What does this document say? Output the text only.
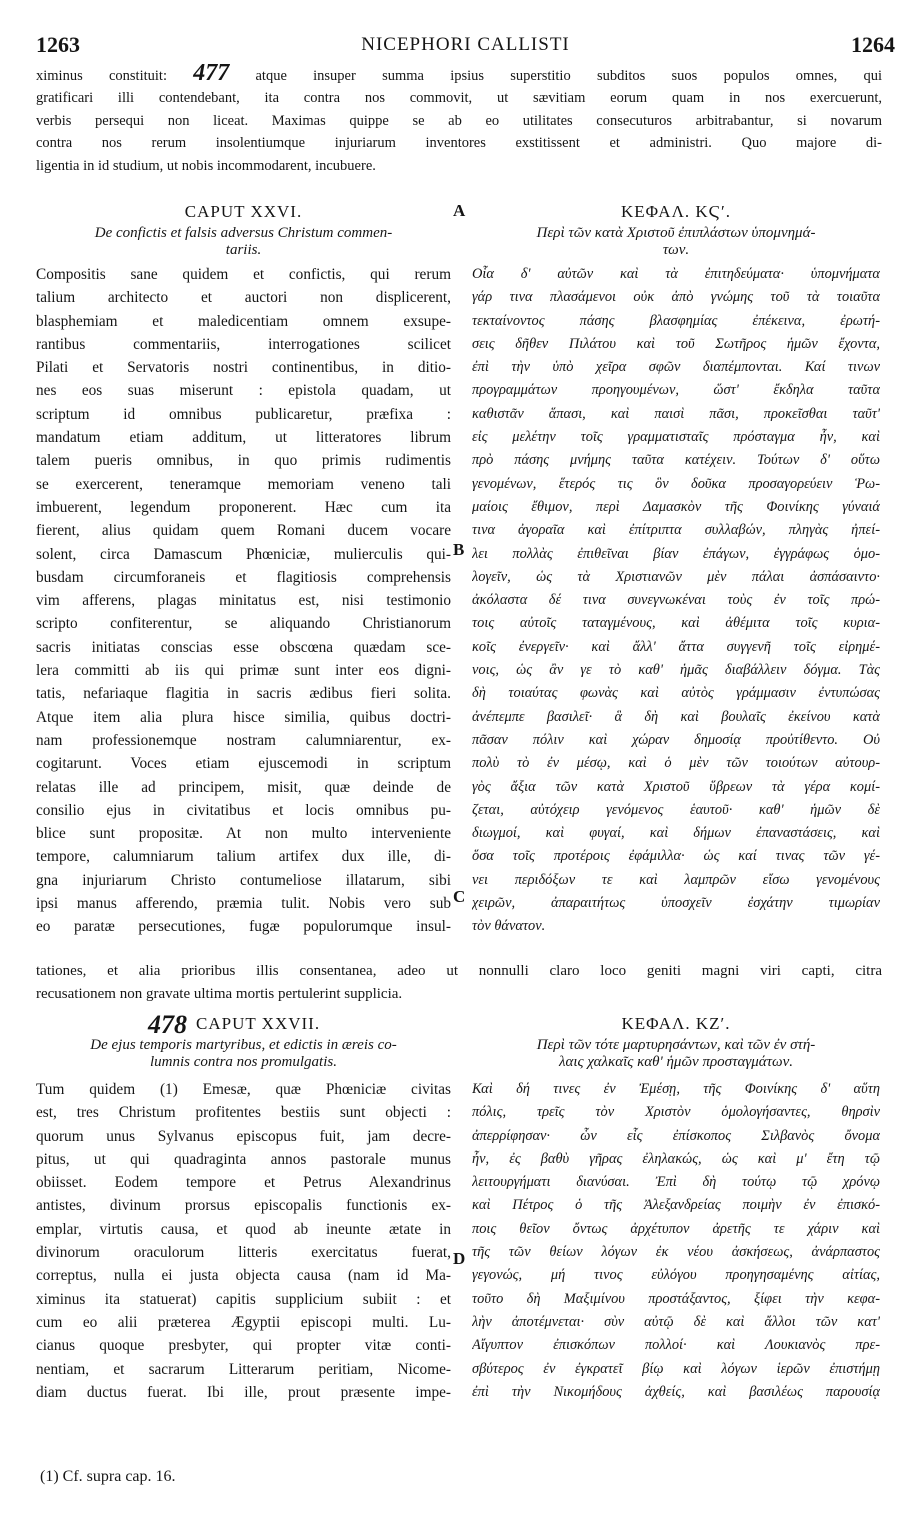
1263	NICEPHORI CALLISTI	1264
ximinus constituit: 477 atque insuper summa ipsius superstitio subditos suos populos omnes, qui
gratificari illi contendebant, ita contra nos commovit, ut sævitiam eorum quam in nos exercuerunt,
verbis persequi non liceat. Maximas quippe se ab eo utilitates consecuturos arbitrabantur, si novarum
contra nos rerum insolentiumque injuriarum inventores exstitissent et administri. Quo majore di-
ligentia in id studium, ut nobis incommodarent, incubuere.
CAPUT XXVI.	A	ΚΕΦΑΛ. ΚϚʹ.
De confictis et falsis adversus Christum commen-
tariis.
Περὶ τῶν κατὰ Χριστοῦ ἐπιπλάστων ὑπομνημά-
των.
Compositis sane quidem et confictis, qui rerum
talium architecto et auctori non displicerent,
blasphemiam et maledicentiam omnem exsupe-
rantibus commentariis, interrogationes scilicet
Pilati et Servatoris nostri continentibus, in ditio-
nes eos suas miserunt : epistola quadam, ut
scriptum id omnibus publicaretur, præfixa :
mandatum etiam additum, ut litteratores librum
talem pueris omnibus, in quo primis rudimentis
se exercerent, teneramque memoriam veneno tali
imbuerent, legendum proponerent. Hæc cum ita
fierent, alius quidam quem Romani ducem vocare
solent, circa Damascum Phœniciæ, mulierculis qui-
busdam circumforaneis et flagitiosis comprehensis
vim afferens, plagas minitatus est, nisi testimonio
scripto confiterentur, se aliquando Christianorum
sacris initiatas conscias esse obscœna quædam sce-
lera committi ab iis qui primæ sunt inter eos digni-
tatis, nefariaque flagitia in sacris ædibus fieri solita.
Atque item alia plura hisce similia, quibus doctri-
nam professionemque nostram calumniarentur, ex-
cogitarunt. Voces etiam ejuscemodi in scriptum
relatas ille ad principem, misit, quæ deinde de
consilio ejus in civitatibus et locis omnibus pu-
blice sunt propositæ. At non multo interveniente
tempore, calumniarum talium artifex dux ille, di-
gna injuriarum Christo contumeliose illatarum, sibi
ipsi manus afferendo, præmia tulit. Nobis vero sub
eo paratæ persecutiones, fugæ populorumque insul-
Οἷα δ' αὐτῶν καὶ τὰ ἐπιτηδεύματα· ὑπομνήματα
γάρ τινα πλασάμενοι οὐκ ἀπὸ γνώμης τοῦ τὰ τοιαῦτα
τεκταίνοντος πάσης βλασφημίας ἐπέκεινα, ἐρωτή-
σεις δῆθεν Πιλάτου καὶ τοῦ Σωτῆρος ἡμῶν ἔχοντα,
ἐπὶ τὴν ὑπὸ χεῖρα σφῶν διαπέμπονται. Καί τινων
προγραμμάτων προηγουμένων, ὥστ' ἔκδηλα ταῦτα
καθιστᾶν ἅπασι, καὶ παισὶ πᾶσι, προκεῖσθαι ταῦτ'
εἰς μελέτην τοῖς γραμματισταῖς πρόσταγμα ἦν, καὶ
πρὸ πάσης μνήμης ταῦτα κατέχειν. Τούτων δ' οὕτω
γενομένων, ἕτερός τις ὃν δοῦκα προσαγορεύειν Ῥω-
μαίοις ἔθιμον, περὶ Δαμασκὸν τῆς Φοινίκης γύναιά
τινα ἀγοραῖα καὶ ἐπίτριπτα συλλαβών, πληγὰς ἠπεί-
λει πολλὰς ἐπιθεῖναι βίαν ἐπάγων, ἐγγράφως ὁμο-
λογεῖν, ὡς τὰ Χριστιανῶν μὲν πάλαι ἀσπάσαιντο·
ἀκόλαστα δέ τινα συνεγνωκέναι τοὺς ἐν τοῖς πρώ-
τοις αὐτοῖς ταταγμένους, καὶ ἀθέμιτα τοῖς κυρια-
κοῖς ἐνεργεῖν· καὶ ἄλλ' ἄττα συγγενῆ τοῖς εἰρημέ-
νοις, ὡς ἂν γε τὸ καθ' ἡμᾶς διαβάλλειν δόγμα. Τὰς
δὴ τοιαύτας φωνὰς καὶ αὐτὸς γράμμασιν ἐντυπώσας
ἀνέπεμπε βασιλεῖ· ἃ δὴ καὶ βουλαῖς ἐκείνου κατὰ
πᾶσαν πόλιν καὶ χώραν δημοσίᾳ προὐτίθεντο. Οὐ
πολὺ τὸ ἐν μέσῳ, καὶ ὁ μὲν τῶν τοιούτων αὐτουρ-
γὸς ἄξια τῶν κατὰ Χριστοῦ ὕβρεων τὰ γέρα κομί-
ζεται, αὐτόχειρ γενόμενος ἑαυτοῦ· καθ' ἡμῶν δὲ
διωγμοί, καὶ φυγαί, καὶ δήμων ἐπαναστάσεις, καὶ
ὅσα τοῖς προτέροις ἐφάμιλλα· ὡς καί τινας τῶν γέ-
νει περιδόξων τε καὶ λαμπρῶν εἴσω γενομένους
χειρῶν, ἀπαραιτήτως ὑποσχεῖν ἐσχάτην τιμωρίαν
τὸν θάνατον.
B
C
tationes, et alia prioribus illis consentanea, adeo ut nonnulli claro loco geniti magni viri capti, citra
recusationem non gravate ultima mortis pertulerint supplicia.
478 CAPUT XXVII.	ΚΕΦΑΛ. ΚΖʹ.
De ejus temporis martyribus, et edictis in æreis co-
lumnis contra nos promulgatis.
Περὶ τῶν τότε μαρτυρησάντων, καὶ τῶν ἐν στή-
λαις χαλκαῖς καθ' ἡμῶν προσταγμάτων.
Tum quidem (1) Emesæ, quæ Phœniciæ civitas
est, tres Christum profitentes bestiis sunt objecti :
quorum unus Sylvanus episcopus fuit, jam decre-
pitus, ut qui quadraginta annos pastorale munus
obiisset. Eodem tempore et Petrus Alexandrinus
antistes, divinum prorsus episcopalis functionis ex-
emplar, virtutis causa, et quod ab ineunte ætate in
divinorum oraculorum litteris exercitatus fuerat,
correptus, nulla ei justa objecta causa (nam id Ma-
ximinus ita statuerat) capitis supplicium subiit : et
cum eo alii præterea Ægyptii episcopi multi. Lu-
cianus quoque presbyter, qui propter vitæ conti-
nentiam, et sacrarum Litterarum peritiam, Nicome-
diam ductus fuerat. Ibi ille, prout præsente impe-
Καὶ δή τινες ἐν Ἐμέσῃ, τῆς Φοινίκης δ' αὕτη
πόλις, τρεῖς τὸν Χριστὸν ὁμολογήσαντες, θηρσὶν
ἀπερρίφησαν· ὧν εἷς ἐπίσκοπος Σιλβανὸς ὄνομα
ἦν, ἐς βαθὺ γῆρας ἐληλακώς, ὡς καὶ μ' ἔτη τῷ
λειτουργήματι διανύσαι. Ἐπὶ δὴ τούτῳ τῷ χρόνῳ
καὶ Πέτρος ὁ τῆς Ἀλεξανδρείας ποιμὴν ἐν ἐπισκό-
ποις θεῖον ὄντως ἀρχέτυπον ἀρετῆς τε χάριν καὶ
τῆς τῶν θείων λόγων ἐκ νέου ἀσκήσεως, ἀνάρπαστος
γεγονώς, μή τινος εὐλόγου προηγησαμένης αἰτίας,
τοῦτο δὴ Μαξιμίνου προστάξαντος, ξίφει τὴν κεφα-
λὴν ἀποτέμνεται· σὺν αὐτῷ δὲ καὶ ἄλλοι τῶν κατ'
Αἴγυπτον ἐπισκόπων πολλοί· καὶ Λουκιανὸς πρε-
σβύτερος ἐν ἐγκρατεῖ βίῳ καὶ λόγων ἱερῶν ἐπιστήμῃ
ἐπὶ τὴν Νικομήδους ἀχθείς, καὶ βασιλέως παρουσίᾳ
D
(1) Cf. supra cap. 16.
